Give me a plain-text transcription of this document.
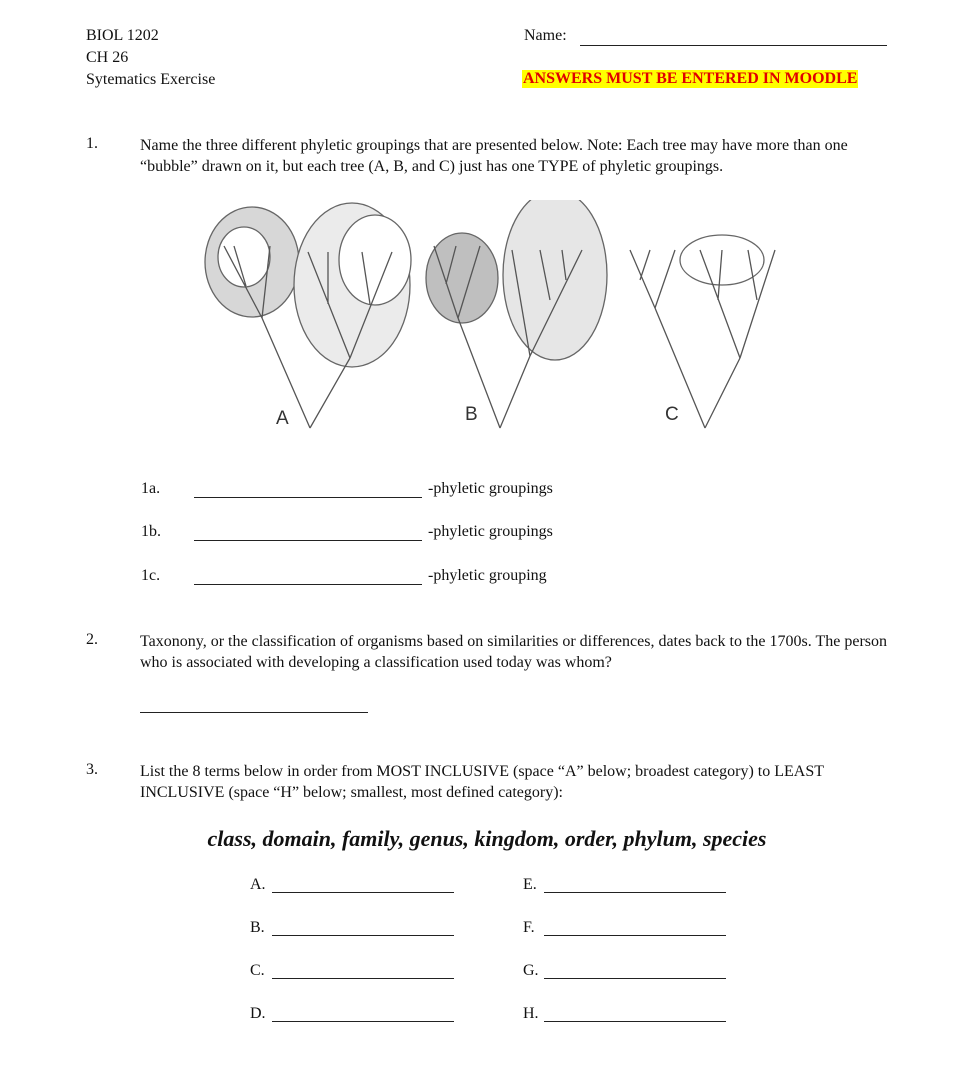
BIOL 1202
CH 26
Sytematics Exercise
Name:
ANSWERS MUST BE ENTERED IN MOODLE
1.	Name the three different phyletic groupings that are presented below. Note: Each tree may have more than one “bubble” drawn on it, but each tree (A, B, and C) just has one TYPE of phyletic groupings.
A	B	C
1a.	-phyletic groupings
1b.	-phyletic groupings
1c.	-phyletic grouping
2.	Taxonony, or the classification of organisms based on similarities or differences, dates back to the 1700s. The person who is associated with developing a classification used today was whom?
3.	List the 8 terms below in order from MOST INCLUSIVE (space “A” below; broadest category) to LEAST INCLUSIVE (space “H” below; smallest, most defined category):
class, domain, family, genus, kingdom, order, phylum, species
A.
B.
C.
D.
E.
F.
G.
H.
